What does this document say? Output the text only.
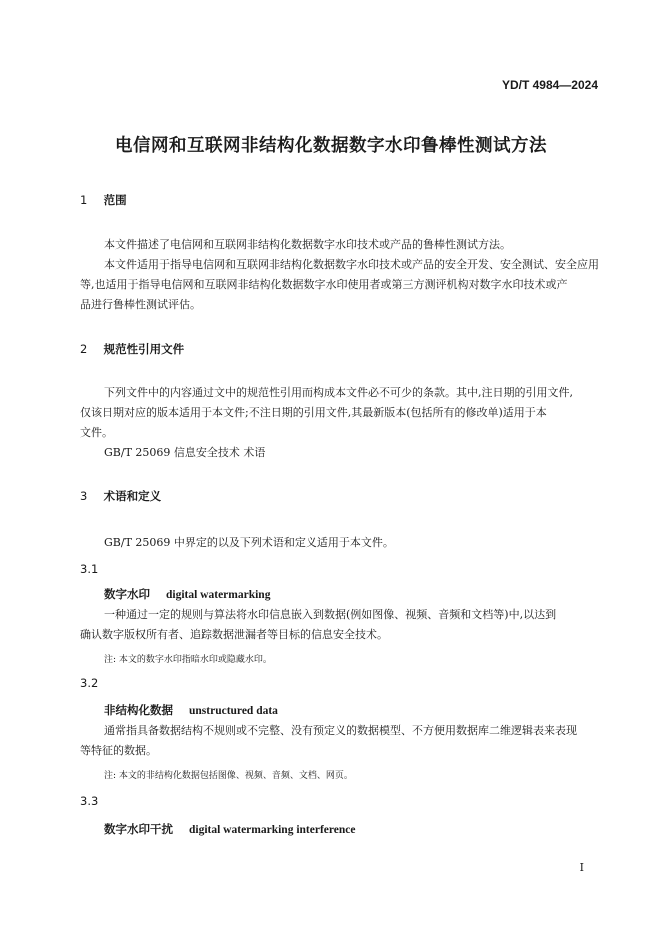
YD/T 4984—2024
电信网和互联网非结构化数据数字水印鲁棒性测试方法
1 范围
本文件描述了电信网和互联网非结构化数据数字水印技术或产品的鲁棒性测试方法。
本文件适用于指导电信网和互联网非结构化数据数字水印技术或产品的安全开发、安全测试、安全应用
等,也适用于指导电信网和互联网非结构化数据数字水印使用者或第三方测评机构对数字水印技术或产
品进行鲁棒性测试评估。
2 规范性引用文件
下列文件中的内容通过文中的规范性引用而构成本文件必不可少的条款。其中,注日期的引用文件,
仅该日期对应的版本适用于本文件;不注日期的引用文件,其最新版本(包括所有的修改单)适用于本
文件。
GB/T 25069 信息安全技术 术语
3 术语和定义
GB/T 25069 中界定的以及下列术语和定义适用于本文件。
3.1
数字水印 digital watermarking
一种通过一定的规则与算法将水印信息嵌入到数据(例如图像、视频、音频和文档等)中,以达到
确认数字版权所有者、追踪数据泄漏者等目标的信息安全技术。
注: 本文的数字水印指暗水印或隐藏水印。
3.2
非结构化数据 unstructured data
通常指具备数据结构不规则或不完整、没有预定义的数据模型、不方便用数据库二维逻辑表来表现
等特征的数据。
注: 本文的非结构化数据包括图像、视频、音频、文档、网页。
3.3
数字水印干扰 digital watermarking interference
I
